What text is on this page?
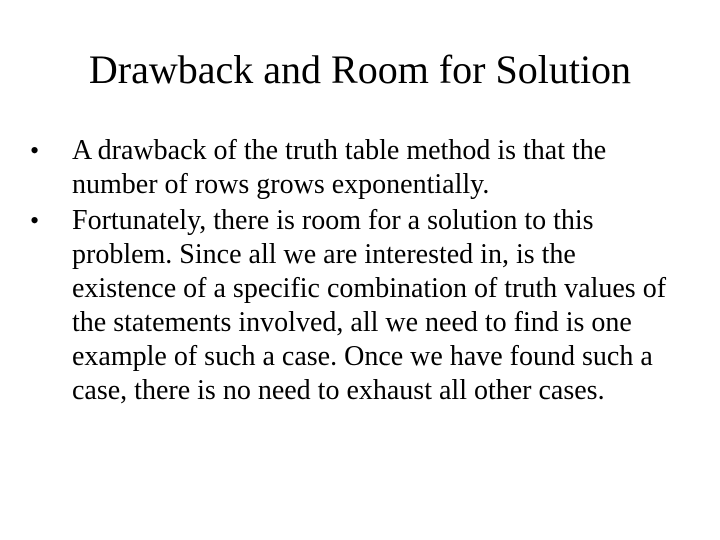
Drawback and Room for Solution
•	A drawback of the truth table method is that the number of rows grows exponentially.
•	Fortunately, there is room for a solution to this problem. Since all we are interested in, is the existence of a specific combination of truth values of the statements involved, all we need to find is one example of such a case. Once we have found such a case, there is no need to exhaust all other cases.
